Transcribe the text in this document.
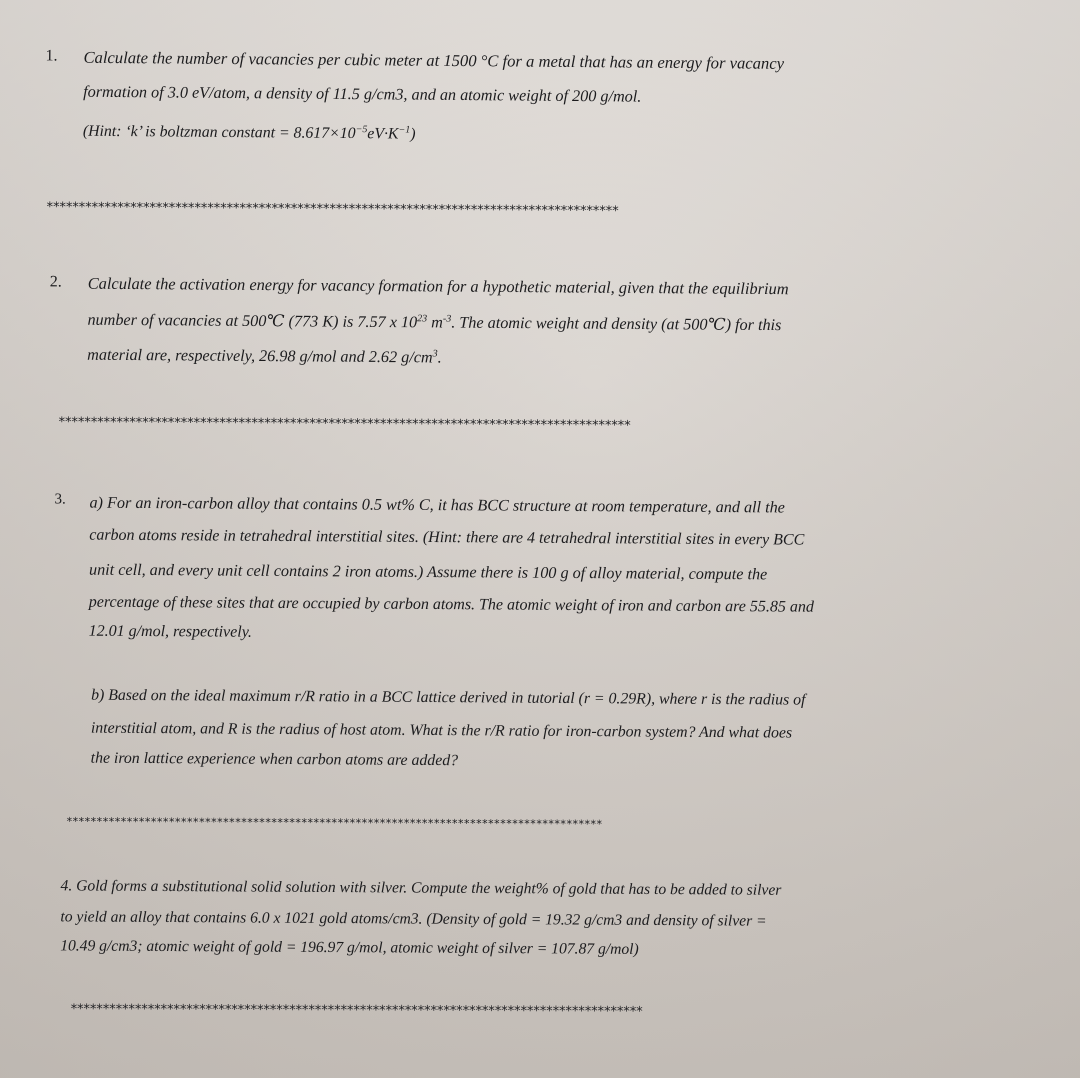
1. Calculate the number of vacancies per cubic meter at 1500 °C for a metal that has an energy for vacancy
formation of 3.0 eV/atom, a density of 11.5 g/cm3, and an atomic weight of 200 g/mol.
(Hint: ‘k’ is boltzman constant = $8.617\times 10^{-5}eV\cdot K^{-1}$)
*****************************************************************************************
2. Calculate the activation energy for vacancy formation for a hypothetic material, given that the equilibrium
number of vacancies at 500℃ (773 K) is 7.57 x $10^{23}$ $m^{-3}$. The atomic weight and density (at 500℃) for this
material are, respectively, 26.98 g/mol and 2.62 $g/cm^3$.
*****************************************************************************************
3. a) For an iron-carbon alloy that contains 0.5 wt% C, it has BCC structure at room temperature, and all the
carbon atoms reside in tetrahedral interstitial sites. (Hint: there are 4 tetrahedral interstitial sites in every BCC
unit cell, and every unit cell contains 2 iron atoms.) Assume there is 100 g of alloy material, compute the
percentage of these sites that are occupied by carbon atoms. The atomic weight of iron and carbon are 55.85 and
12.01 g/mol, respectively.
b) Based on the ideal maximum r/R ratio in a BCC lattice derived in tutorial (r = 0.29R), where r is the radius of
interstitial atom, and R is the radius of host atom. What is the r/R ratio for iron-carbon system? And what does
the iron lattice experience when carbon atoms are added?
*****************************************************************************************
4. Gold forms a substitutional solid solution with silver. Compute the weight% of gold that has to be added to silver
to yield an alloy that contains 6.0 x 1021 gold atoms/cm3. (Density of gold = 19.32 g/cm3 and density of silver =
10.49 g/cm3; atomic weight of gold = 196.97 g/mol, atomic weight of silver = 107.87 g/mol)
*****************************************************************************************
